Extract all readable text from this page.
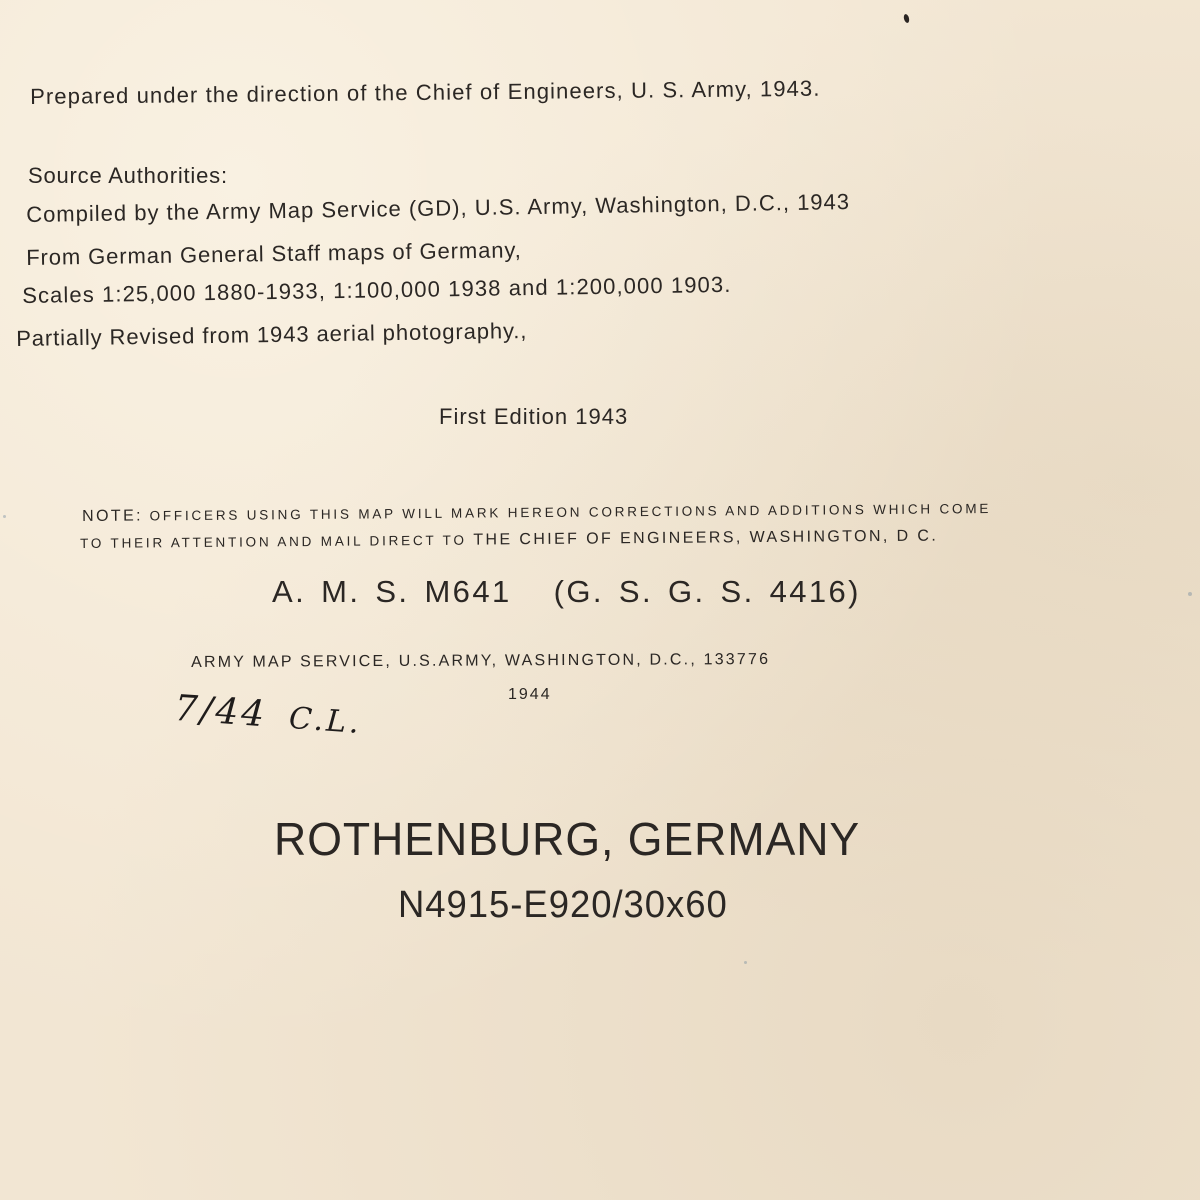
Prepared under the direction of the Chief of Engineers, U. S. Army, 1943.
Source Authorities:
Compiled by the Army Map Service (GD), U.S. Army, Washington, D.C., 1943
From German General Staff maps of Germany,
Scales 1:25,000 1880-1933, 1:100,000 1938 and 1:200,000 1903.
Partially Revised from 1943 aerial photography.,
First Edition 1943
NOTE: OFFICERS USING THIS MAP WILL MARK HEREON CORRECTIONS AND ADDITIONS WHICH COME
TO THEIR ATTENTION AND MAIL DIRECT TO THE CHIEF OF ENGINEERS, WASHINGTON, D C.
A. M. S. M641 (G. S. G. S. 4416)
ARMY MAP SERVICE, U.S.ARMY, WASHINGTON, D.C., 133776
1944
7/44 C.L.
ROTHENBURG, GERMANY
N4915-E920/30x60
